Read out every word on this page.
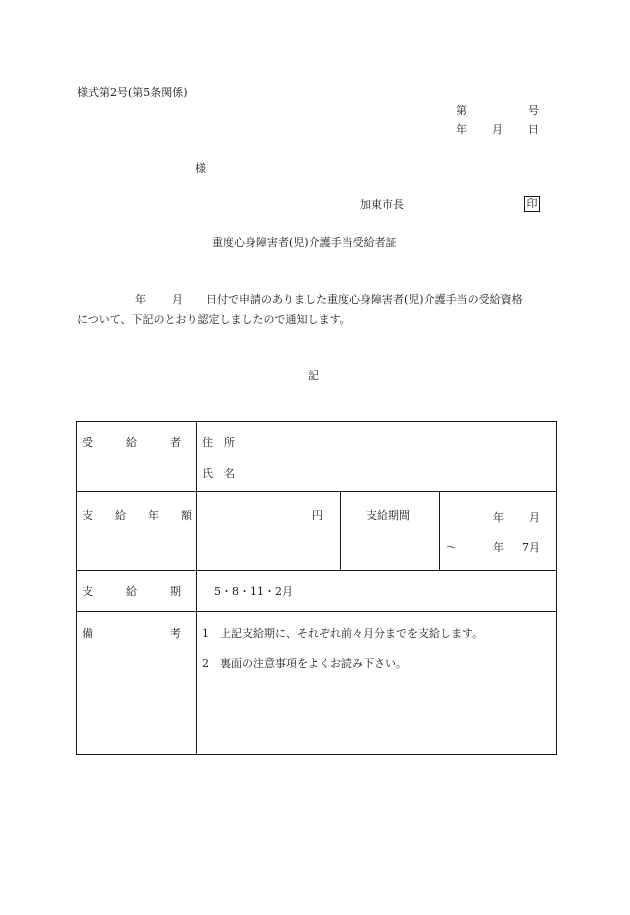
様式第2号(第5条関係)
第	号
年 月 日
様
加東市長	印
重度心身障害者(児)介護手当受給者証
年 月 日付で申請のありました重度心身障害者(児)介護手当の受給資格
について、下記のとおり認定しましたので通知します。
記
受　　　給　　　者 住　所
氏　名
支　　給　　年　　額	円	支給期間	年 月
～	年 7月
支　　　給　　　期	5・8・11・2月
備　　　　　　　考 1　上記支給期に、それぞれ前々月分までを支給します。
2　裏面の注意事項をよくお読み下さい。
